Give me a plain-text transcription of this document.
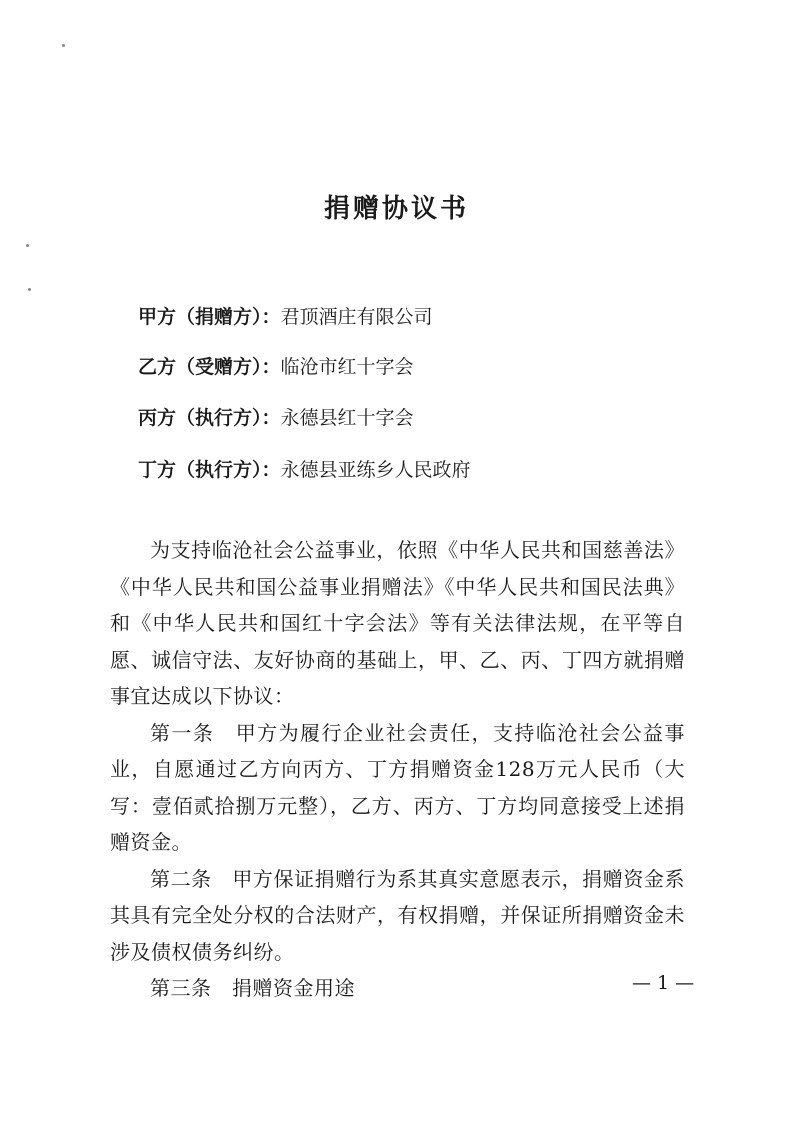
捐赠协议书
甲方（捐赠方）：君顶酒庄有限公司
乙方（受赠方）：临沧市红十字会
丙方（执行方）：永德县红十字会
丁方（执行方）：永德县亚练乡人民政府

为支持临沧社会公益事业，依照《中华人民共和国慈善法》《中华人民共和国公益事业捐赠法》《中华人民共和国民法典》和《中华人民共和国红十字会法》等有关法律法规，在平等自愿、诚信守法、友好协商的基础上，甲、乙、丙、丁四方就捐赠事宜达成以下协议：

第一条　甲方为履行企业社会责任，支持临沧社会公益事业，自愿通过乙方向丙方、丁方捐赠资金128万元人民币（大写：壹佰贰拾捌万元整），乙方、丙方、丁方均同意接受上述捐赠资金。

第二条　甲方保证捐赠行为系其真实意愿表示，捐赠资金系其具有完全处分权的合法财产，有权捐赠，并保证所捐赠资金未涉及债权债务纠纷。

第三条　捐赠资金用途	— 1 —
